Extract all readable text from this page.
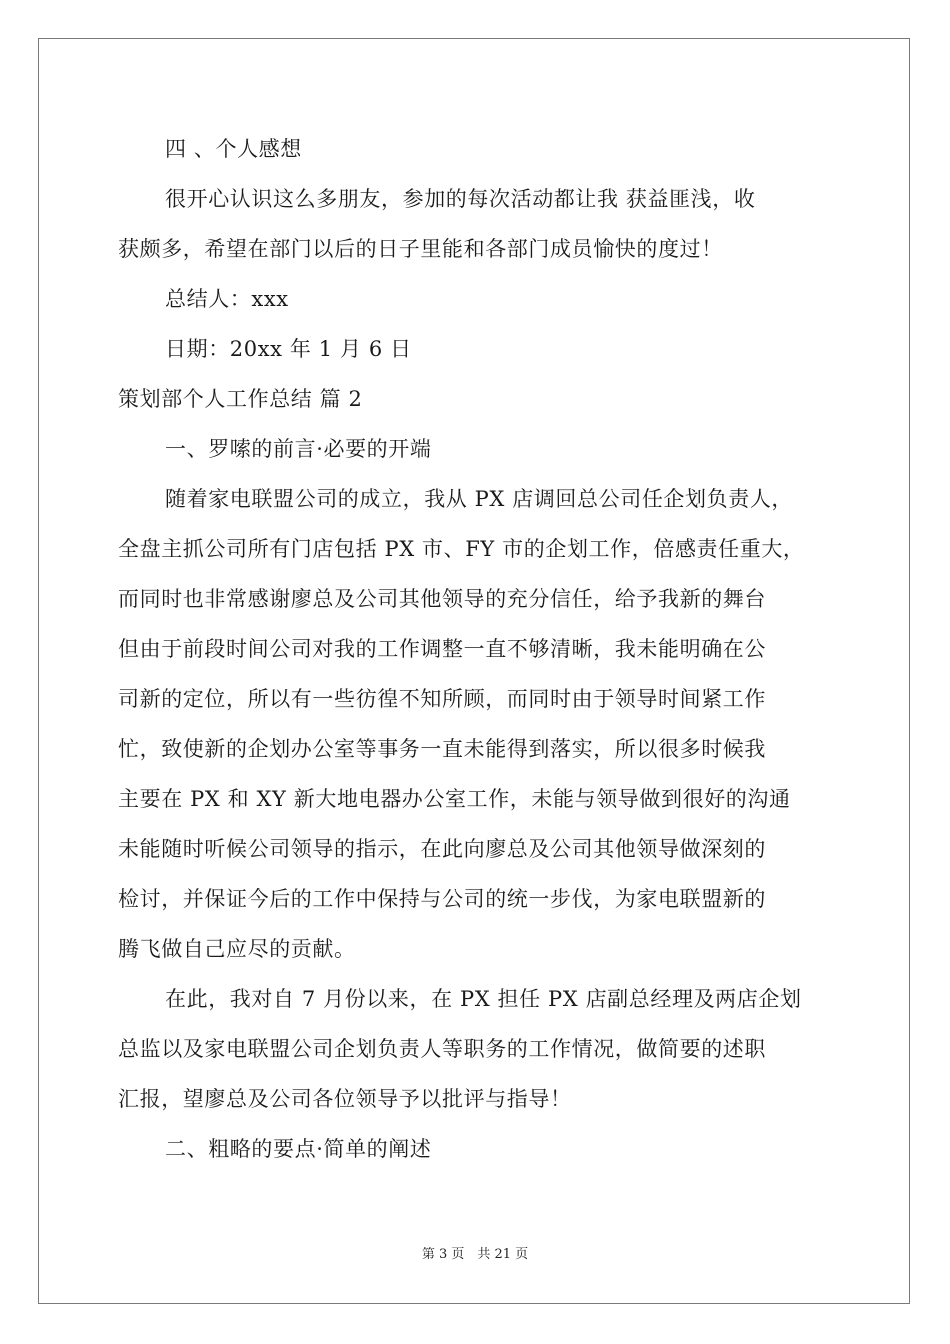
四 、个人感想
很开心认识这么多朋友，参加的每次活动都让我 获益匪浅，收
获颇多，希望在部门以后的日子里能和各部门成员愉快的度过！
总结人：xxx
日期：20xx 年 1 月 6 日
策划部个人工作总结 篇 2
一、罗嗦的前言·必要的开端
随着家电联盟公司的成立，我从 PX 店调回总公司任企划负责人，
全盘主抓公司所有门店包括 PX 市、FY 市的企划工作，倍感责任重大，
而同时也非常感谢廖总及公司其他领导的充分信任，给予我新的舞台
但由于前段时间公司对我的工作调整一直不够清晰，我未能明确在公
司新的定位，所以有一些彷徨不知所顾，而同时由于领导时间紧工作
忙，致使新的企划办公室等事务一直未能得到落实，所以很多时候我
主要在 PX 和 XY 新大地电器办公室工作，未能与领导做到很好的沟通
未能随时听候公司领导的指示，在此向廖总及公司其他领导做深刻的
检讨，并保证今后的工作中保持与公司的统一步伐，为家电联盟新的
腾飞做自己应尽的贡献。
在此，我对自 7 月份以来，在 PX 担任 PX 店副总经理及两店企划
总监以及家电联盟公司企划负责人等职务的工作情况，做简要的述职
汇报，望廖总及公司各位领导予以批评与指导！
二、粗略的要点·简单的阐述
第 3 页　共 21 页
